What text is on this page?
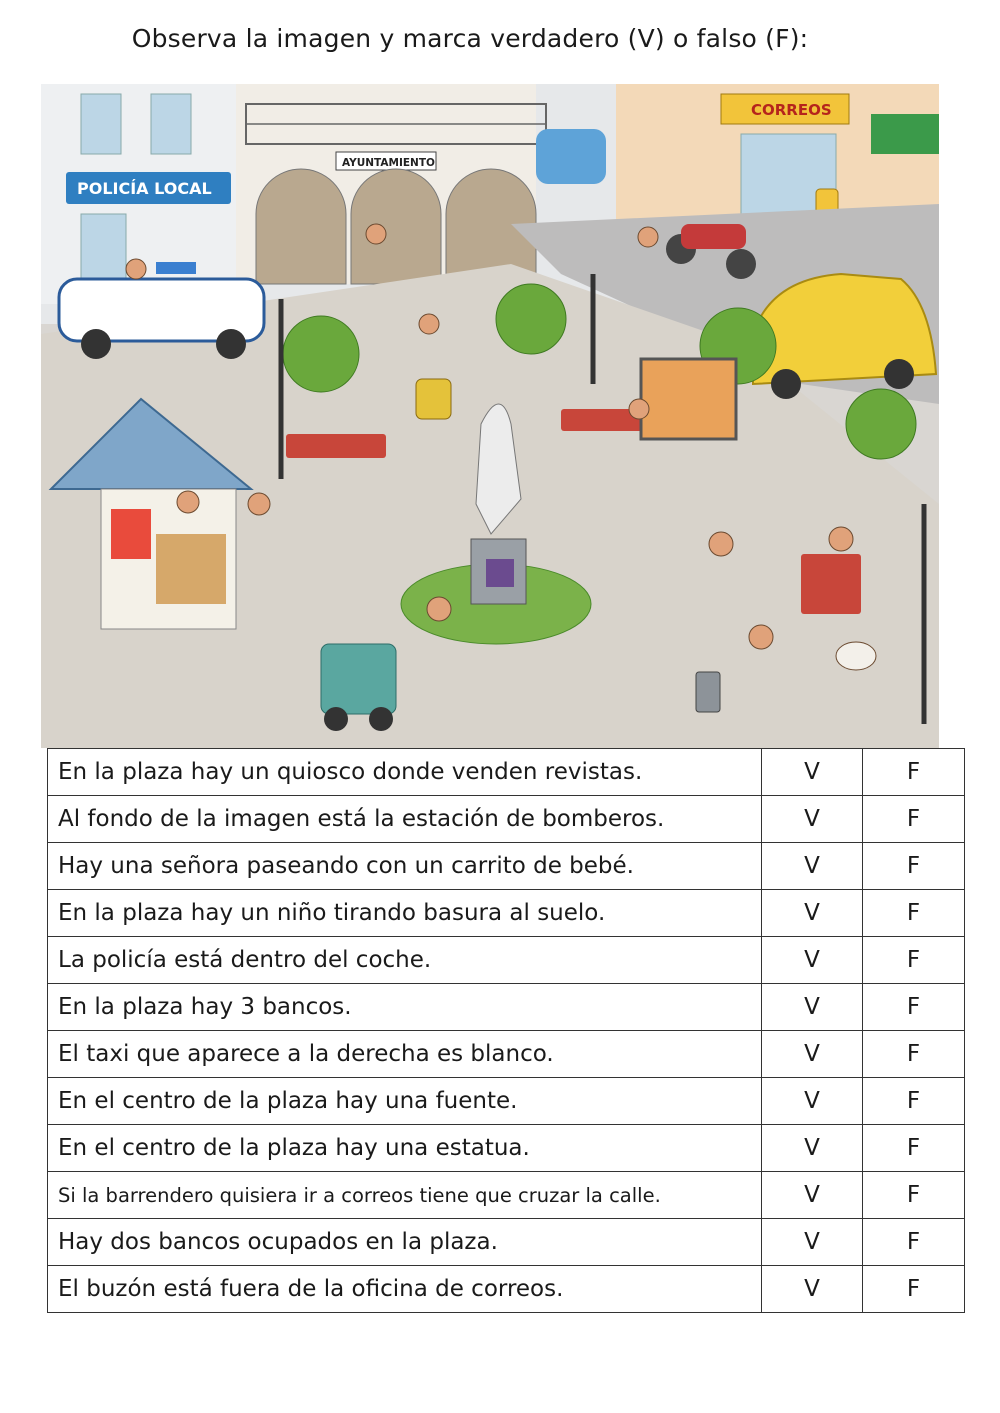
Observa la imagen y marca verdadero (V) o falso (F):
POLICÍA LOCAL
AYUNTAMIENTO
CORREOS
En la plaza hay un quiosco donde venden revistas.	V	F
Al fondo de la imagen está la estación de bomberos.	V	F
Hay una señora paseando con un carrito de bebé.	V	F
En la plaza hay un niño tirando basura al suelo.	V	F
La policía está dentro del coche.	V	F
En la plaza hay 3 bancos.	V	F
El taxi que aparece a la derecha es blanco.	V	F
En el centro de la plaza hay una fuente.	V	F
En el centro de la plaza hay una estatua.	V	F
Si la barrendero quisiera ir a correos tiene que cruzar la calle.	V	F
Hay dos bancos ocupados en la plaza.	V	F
El buzón está fuera de la oficina de correos.	V	F
